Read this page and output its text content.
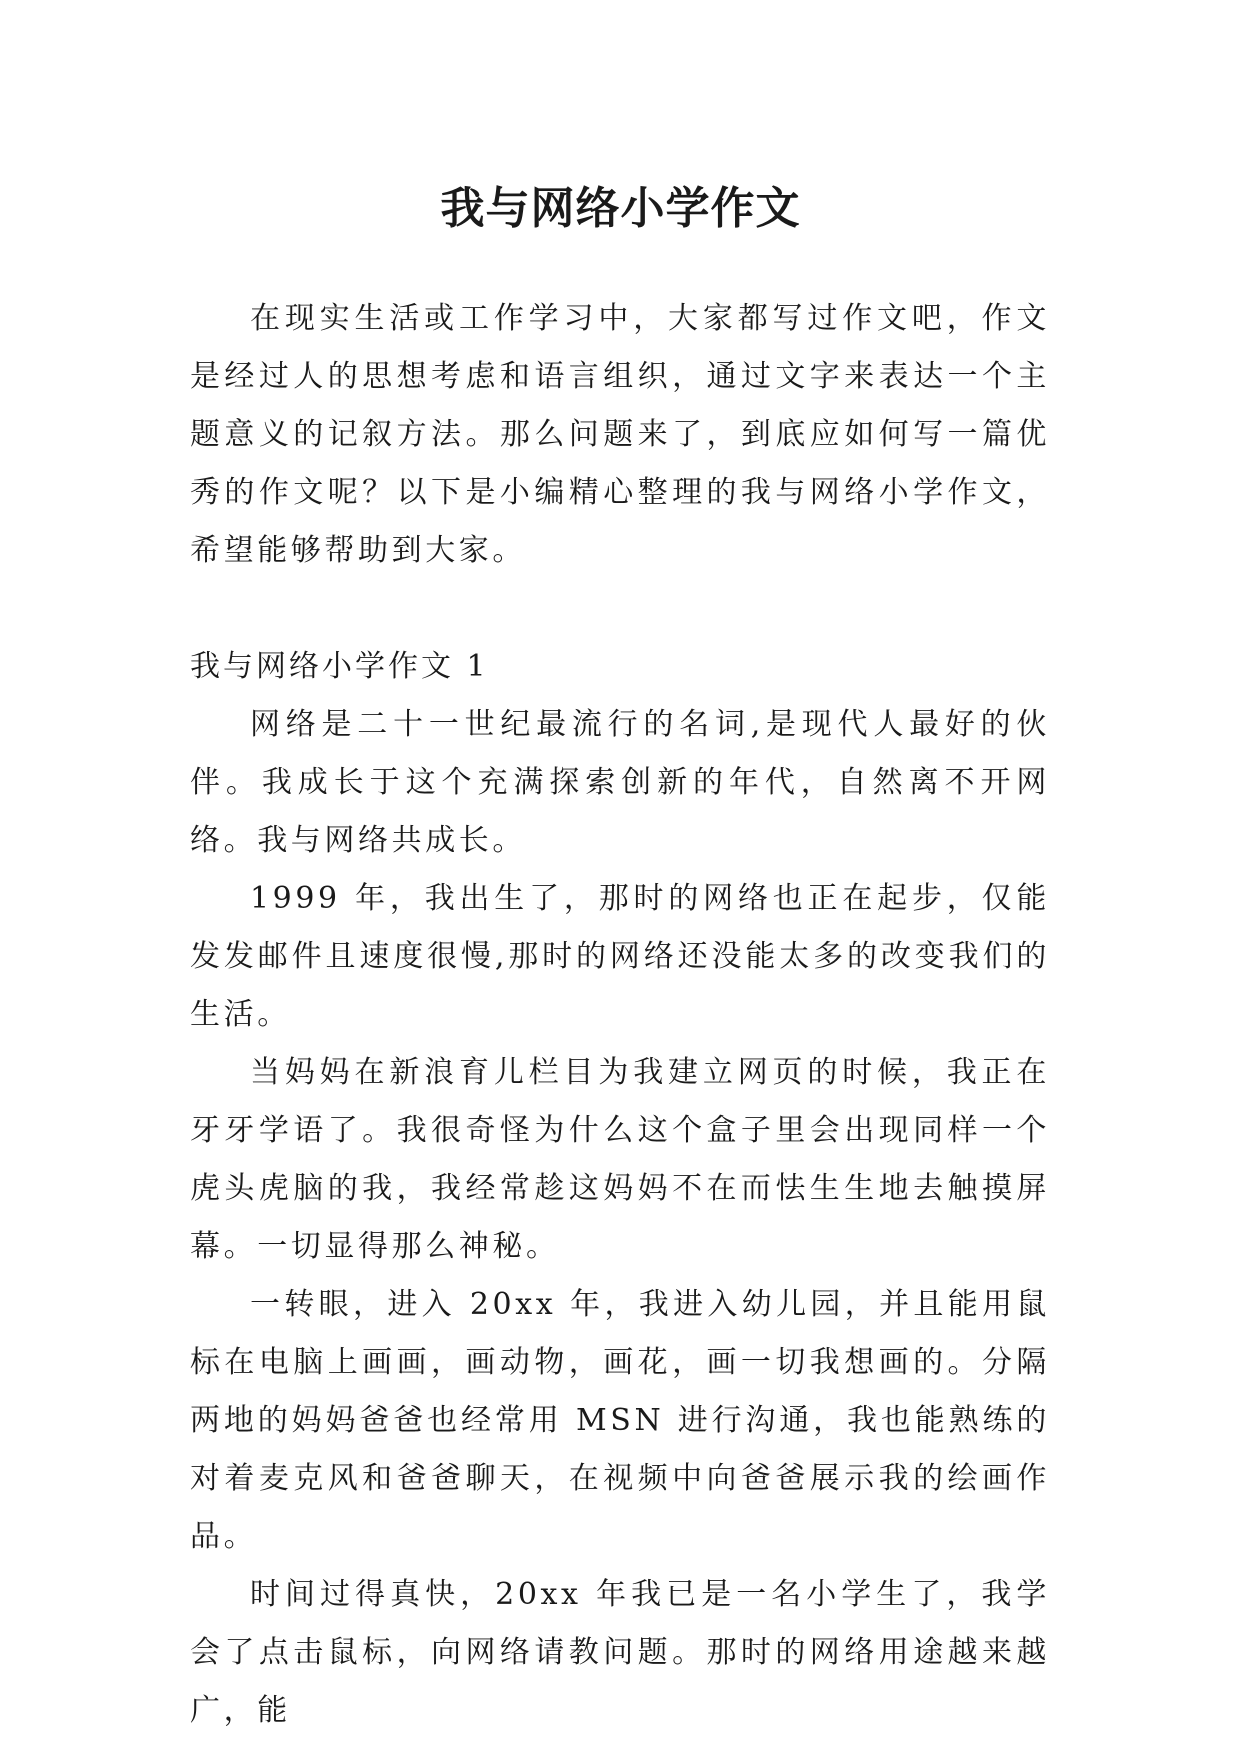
我与网络小学作文

在现实生活或工作学习中，大家都写过作文吧，作文是经过人的思想考虑和语言组织，通过文字来表达一个主题意义的记叙方法。那么问题来了，到底应如何写一篇优秀的作文呢？以下是小编精心整理的我与网络小学作文，希望能够帮助到大家。

我与网络小学作文 1

网络是二十一世纪最流行的名词,是现代人最好的伙伴。我成长于这个充满探索创新的年代，自然离不开网络。我与网络共成长。

1999 年，我出生了，那时的网络也正在起步，仅能发发邮件且速度很慢,那时的网络还没能太多的改变我们的生活。

当妈妈在新浪育儿栏目为我建立网页的时候，我正在牙牙学语了。我很奇怪为什么这个盒子里会出现同样一个虎头虎脑的我，我经常趁这妈妈不在而怯生生地去触摸屏幕。一切显得那么神秘。

一转眼，进入 20xx 年，我进入幼儿园，并且能用鼠标在电脑上画画，画动物，画花，画一切我想画的。分隔两地的妈妈爸爸也经常用 MSN 进行沟通，我也能熟练的对着麦克风和爸爸聊天，在视频中向爸爸展示我的绘画作品。

时间过得真快，20xx 年我已是一名小学生了，我学会了点击鼠标，向网络请教问题。那时的网络用途越来越广，能
